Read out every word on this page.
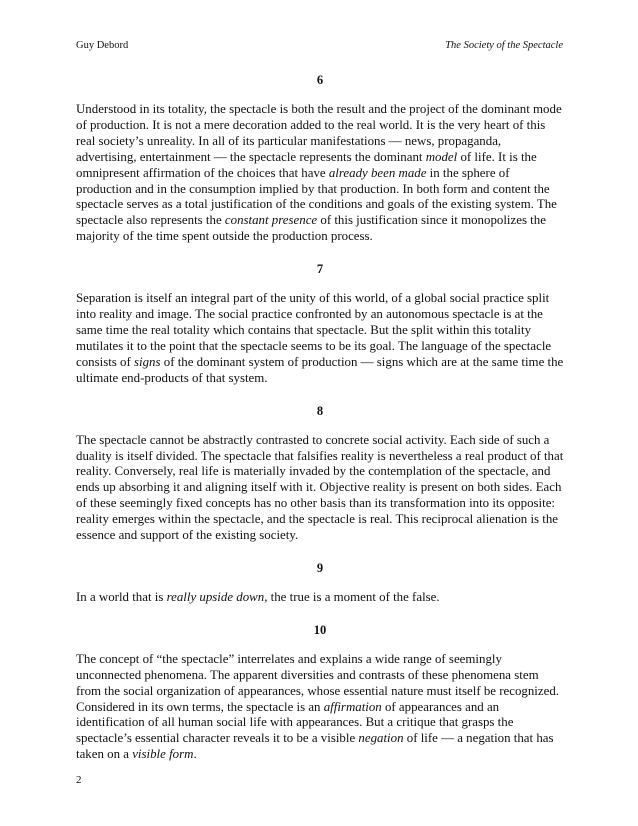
Guy Debord	The Society of the Spectacle
6

Understood in its totality, the spectacle is both the result and the project of the dominant mode of production. It is not a mere decoration added to the real world. It is the very heart of this real society’s unreality. In all of its particular manifestations — news, propaganda, advertising, entertainment — the spectacle represents the dominant model of life. It is the omnipresent affirmation of the choices that have already been made in the sphere of production and in the consumption implied by that production. In both form and content the spectacle serves as a total justification of the conditions and goals of the existing system. The spectacle also represents the constant presence of this justification since it monopolizes the majority of the time spent outside the production process.

7

Separation is itself an integral part of the unity of this world, of a global social practice split into reality and image. The social practice confronted by an autonomous spectacle is at the same time the real totality which contains that spectacle. But the split within this totality mutilates it to the point that the spectacle seems to be its goal. The language of the spectacle consists of signs of the dominant system of production — signs which are at the same time the ultimate end-products of that system.

8

The spectacle cannot be abstractly contrasted to concrete social activity. Each side of such a duality is itself divided. The spectacle that falsifies reality is nevertheless a real product of that reality. Conversely, real life is materially invaded by the contemplation of the spectacle, and ends up absorbing it and aligning itself with it. Objective reality is present on both sides. Each of these seemingly fixed concepts has no other basis than its transformation into its opposite: reality emerges within the spectacle, and the spectacle is real. This reciprocal alienation is the essence and support of the existing society.

9

In a world that is really upside down, the true is a moment of the false.

10

The concept of “the spectacle” interrelates and explains a wide range of seemingly unconnected phenomena. The apparent diversities and contrasts of these phenomena stem from the social organization of appearances, whose essential nature must itself be recognized. Considered in its own terms, the spectacle is an affirmation of appearances and an identification of all human social life with appearances. But a critique that grasps the spectacle’s essential character reveals it to be a visible negation of life — a negation that has taken on a visible form.

2
